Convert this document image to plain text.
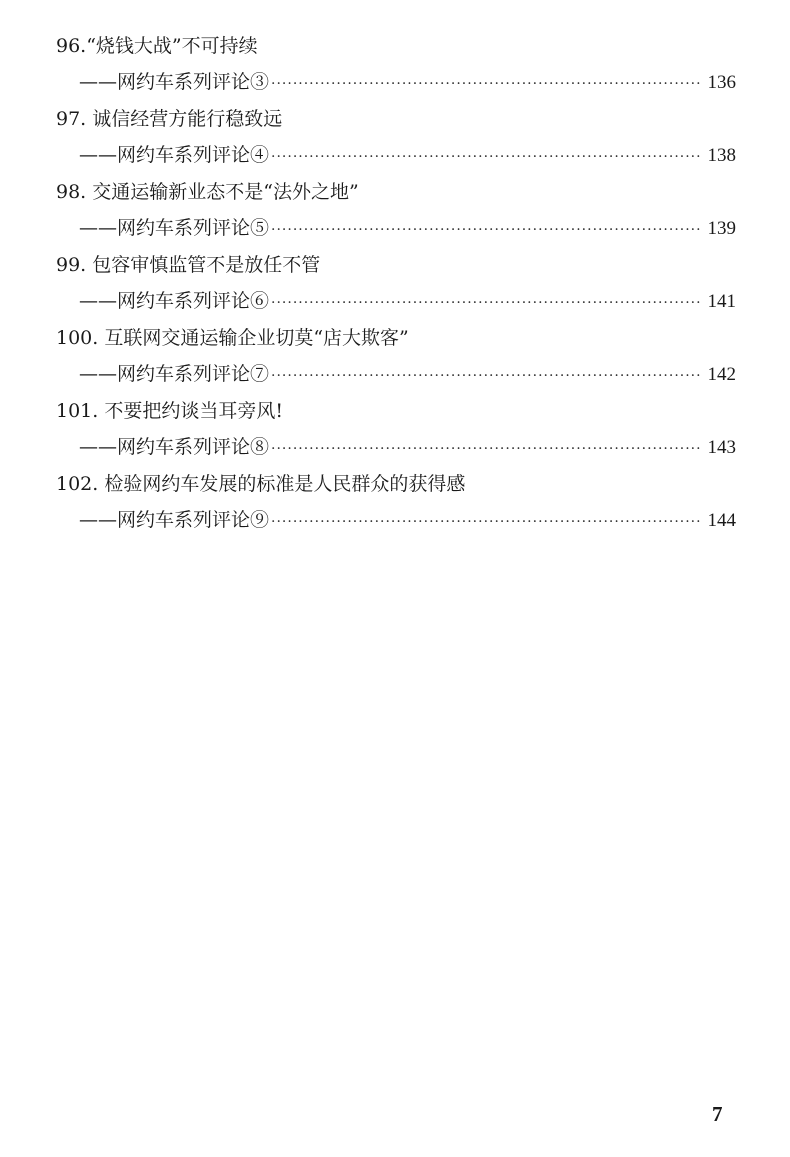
96.“烧钱大战”不可持续
——网约车系列评论③ ·····	136
97. 诚信经营方能行稳致远
——网约车系列评论④ ·····	138
98. 交通运输新业态不是“法外之地”
——网约车系列评论⑤ ·····	139
99. 包容审慎监管不是放任不管
——网约车系列评论⑥ ·····	141
100. 互联网交通运输企业切莫“店大欺客”
——网约车系列评论⑦ ·····	142
101. 不要把约谈当耳旁风!
——网约车系列评论⑧ ·····	143
102. 检验网约车发展的标准是人民群众的获得感
——网约车系列评论⑨ ·····	144
7
